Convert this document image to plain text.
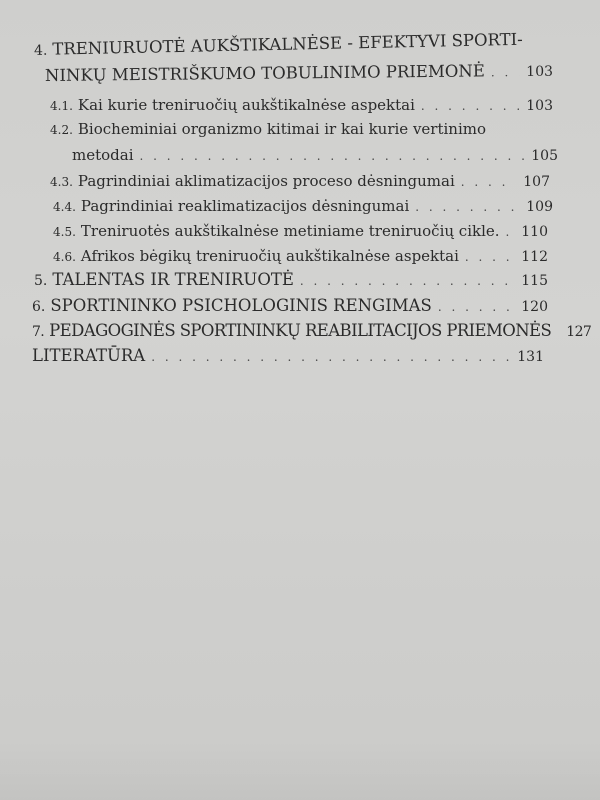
4. TRENIURUOTĖ AUKŠTIKALNĖSE - EFEKTYVI SPORTI-
NINKŲ MEISTRIŠKUMO TOBULINIMO PRIEMONĖ . . .	103
4.1. Kai kurie treniruočių aukštikalnėse aspektai . . .	103
4.2. Biocheminiai organizmo kitimai ir kai kurie vertinimo
metodai . . .	105
4.3. Pagrindiniai aklimatizacijos proceso dėsningumai . . .	107
4.4. Pagrindiniai reaklimatizacijos dėsningumai . . .	109
4.5. Treniruotės aukštikalnėse metiniame treniruočių cikle. . . . 110
4.6. Afrikos bėgikų treniruočių aukštikalnėse aspektai . . .	112
5. TALENTAS IR TRENIRUOTĖ . . .	115
6. SPORTININKO PSICHOLOGINIS RENGIMAS . . .	120
7. PEDAGOGINĖS SPORTININKŲ REABILITACIJOS PRIEMONĖS 127
LITERATŪRA . . .	131
